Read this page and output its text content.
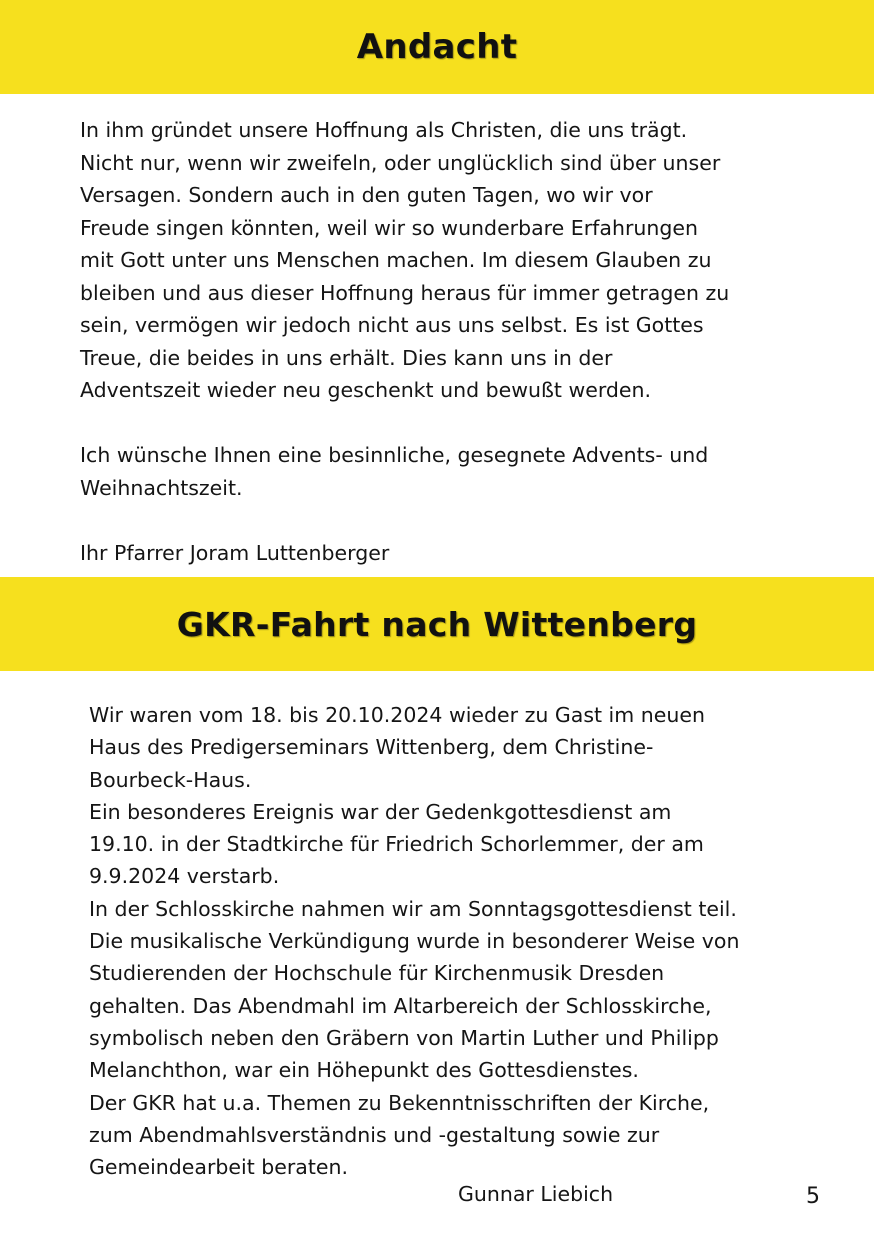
Andacht
In ihm gründet unsere Hoffnung als Christen, die uns trägt.
Nicht nur, wenn wir zweifeln, oder unglücklich sind über unser
Versagen. Sondern auch in den guten Tagen, wo wir vor
Freude singen könnten, weil wir so wunderbare Erfahrungen
mit Gott unter uns Menschen machen. Im diesem Glauben zu
bleiben und aus dieser Hoffnung heraus für immer getragen zu
sein, vermögen wir jedoch nicht aus uns selbst. Es ist Gottes
Treue, die beides in uns erhält. Dies kann uns in der
Adventszeit wieder neu geschenkt und bewußt werden.
Ich wünsche Ihnen eine besinnliche, gesegnete Advents- und
Weihnachtszeit.
Ihr Pfarrer Joram Luttenberger
GKR-Fahrt nach Wittenberg
Wir waren vom 18. bis 20.10.2024 wieder zu Gast im neuen
Haus des Predigerseminars Wittenberg, dem Christine-
Bourbeck-Haus.
Ein besonderes Ereignis war der Gedenkgottesdienst am
19.10. in der Stadtkirche für Friedrich Schorlemmer, der am
9.9.2024 verstarb.
In der Schlosskirche nahmen wir am Sonntagsgottesdienst teil.
Die musikalische Verkündigung wurde in besonderer Weise von
Studierenden der Hochschule für Kirchenmusik Dresden
gehalten. Das Abendmahl im Altarbereich der Schlosskirche,
symbolisch neben den Gräbern von Martin Luther und Philipp
Melanchthon, war ein Höhepunkt des Gottesdienstes.
Der GKR hat u.a. Themen zu Bekenntnisschriften der Kirche,
zum Abendmahlsverständnis und -gestaltung sowie zur
Gemeindearbeit beraten.
Gunnar Liebich	5
